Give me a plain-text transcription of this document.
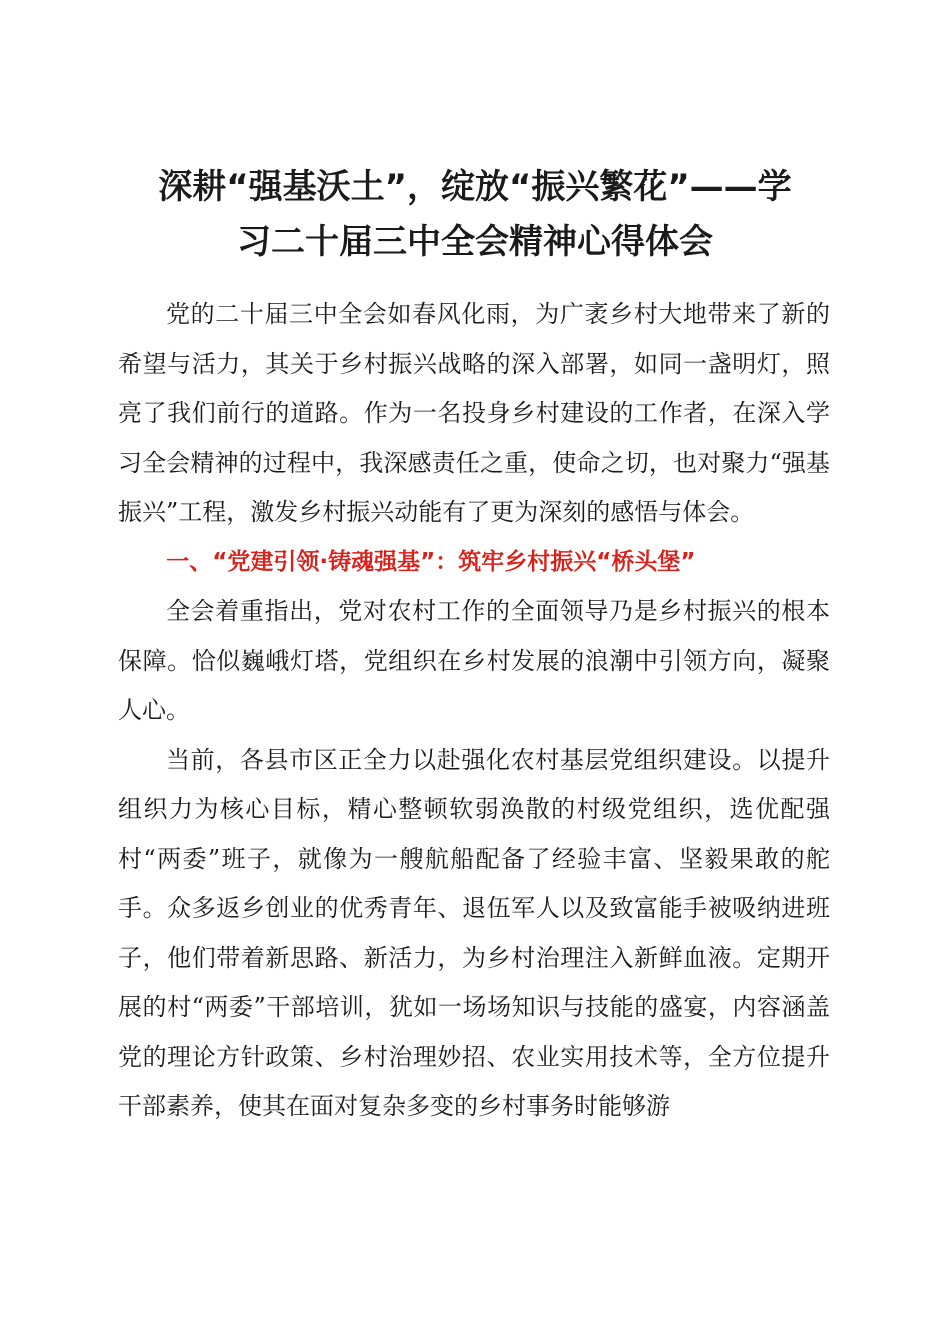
深耕“强基沃土”，绽放“振兴繁花”——学
习二十届三中全会精神心得体会

党的二十届三中全会如春风化雨，为广袤乡村大地带来了新的希望与活力，其关于乡村振兴战略的深入部署，如同一盏明灯，照亮了我们前行的道路。作为一名投身乡村建设的工作者，在深入学习全会精神的过程中，我深感责任之重，使命之切，也对聚力“强基振兴”工程，激发乡村振兴动能有了更为深刻的感悟与体会。

一、“党建引领·铸魂强基”：筑牢乡村振兴“桥头堡”

全会着重指出，党对农村工作的全面领导乃是乡村振兴的根本保障。恰似巍峨灯塔，党组织在乡村发展的浪潮中引领方向，凝聚人心。

当前，各县市区正全力以赴强化农村基层党组织建设。以提升组织力为核心目标，精心整顿软弱涣散的村级党组织，选优配强村“两委”班子，就像为一艘航船配备了经验丰富、坚毅果敢的舵手。众多返乡创业的优秀青年、退伍军人以及致富能手被吸纳进班子，他们带着新思路、新活力，为乡村治理注入新鲜血液。定期开展的村“两委”干部培训，犹如一场场知识与技能的盛宴，内容涵盖党的理论方针政策、乡村治理妙招、农业实用技术等，全方位提升干部素养，使其在面对复杂多变的乡村事务时能够游
